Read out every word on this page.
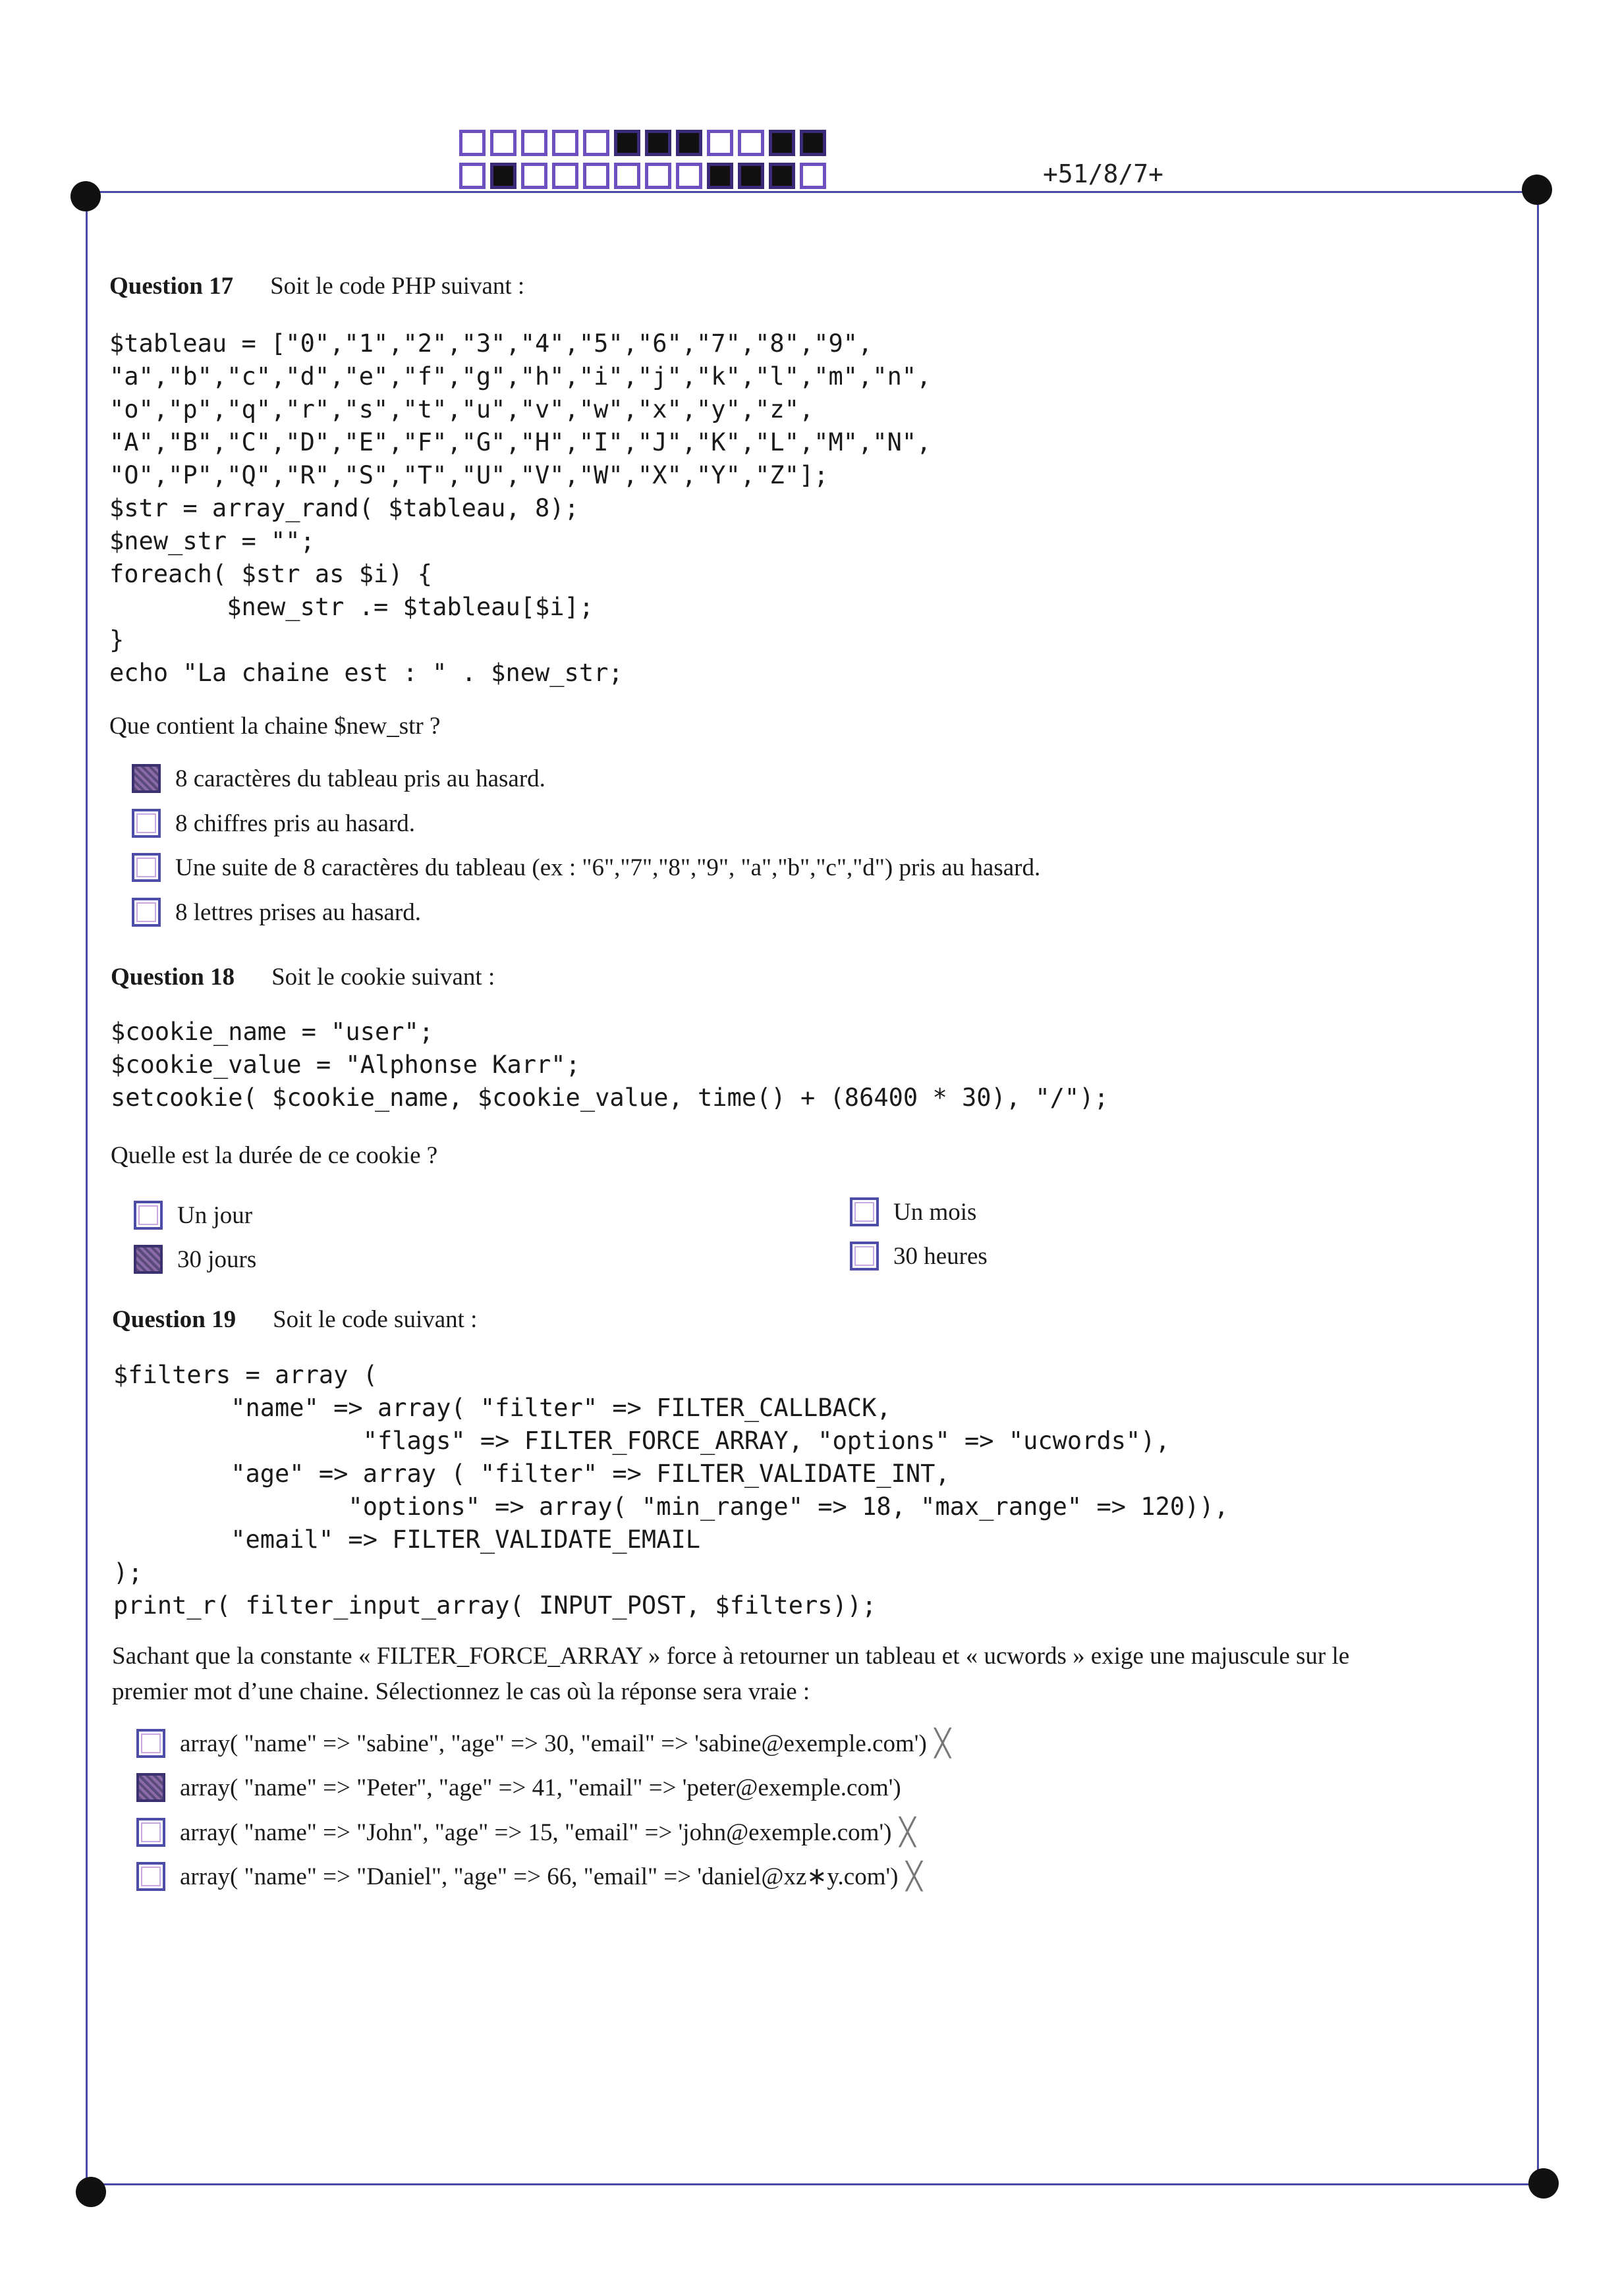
+51/8/7+
Question 17 Soit le code PHP suivant :
$tableau = ["0","1","2","3","4","5","6","7","8","9",
"a","b","c","d","e","f","g","h","i","j","k","l","m","n",
"o","p","q","r","s","t","u","v","w","x","y","z",
"A","B","C","D","E","F","G","H","I","J","K","L","M","N",
"O","P","Q","R","S","T","U","V","W","X","Y","Z"];
$str = array_rand( $tableau, 8);
$new_str = "";
foreach( $str as $i) {
$new_str .= $tableau[$i];
}
echo "La chaine est : " . $new_str;
Que contient la chaine $new_str ?
8 caractères du tableau pris au hasard.
8 chiffres pris au hasard.
Une suite de 8 caractères du tableau (ex : "6","7","8","9", "a","b","c","d") pris au hasard.
8 lettres prises au hasard.
Question 18 Soit le cookie suivant :
$cookie_name = "user";
$cookie_value = "Alphonse Karr";
setcookie( $cookie_name, $cookie_value, time() + (86400 * 30), "/");
Quelle est la durée de ce cookie ?
Un jour
30 jours
Un mois
30 heures
Question 19 Soit le code suivant :
$filters = array (
"name" => array( "filter" => FILTER_CALLBACK,
"flags" => FILTER_FORCE_ARRAY, "options" => "ucwords"),
"age" => array ( "filter" => FILTER_VALIDATE_INT,
"options" => array( "min_range" => 18, "max_range" => 120)),
"email" => FILTER_VALIDATE_EMAIL
);
print_r( filter_input_array( INPUT_POST, $filters));
Sachant que la constante « FILTER_FORCE_ARRAY » force à retourner un tableau et « ucwords » exige une majuscule sur le
premier mot d’une chaine. Sélectionnez le cas où la réponse sera vraie :
array( "name" => "sabine", "age" => 30, "email" => 'sabine@exemple.com') ╳
array( "name" => "Peter", "age" => 41, "email" => 'peter@exemple.com')
array( "name" => "John", "age" => 15, "email" => 'john@exemple.com') ╳
array( "name" => "Daniel", "age" => 66, "email" => 'daniel@xz∗y.com') ╳
